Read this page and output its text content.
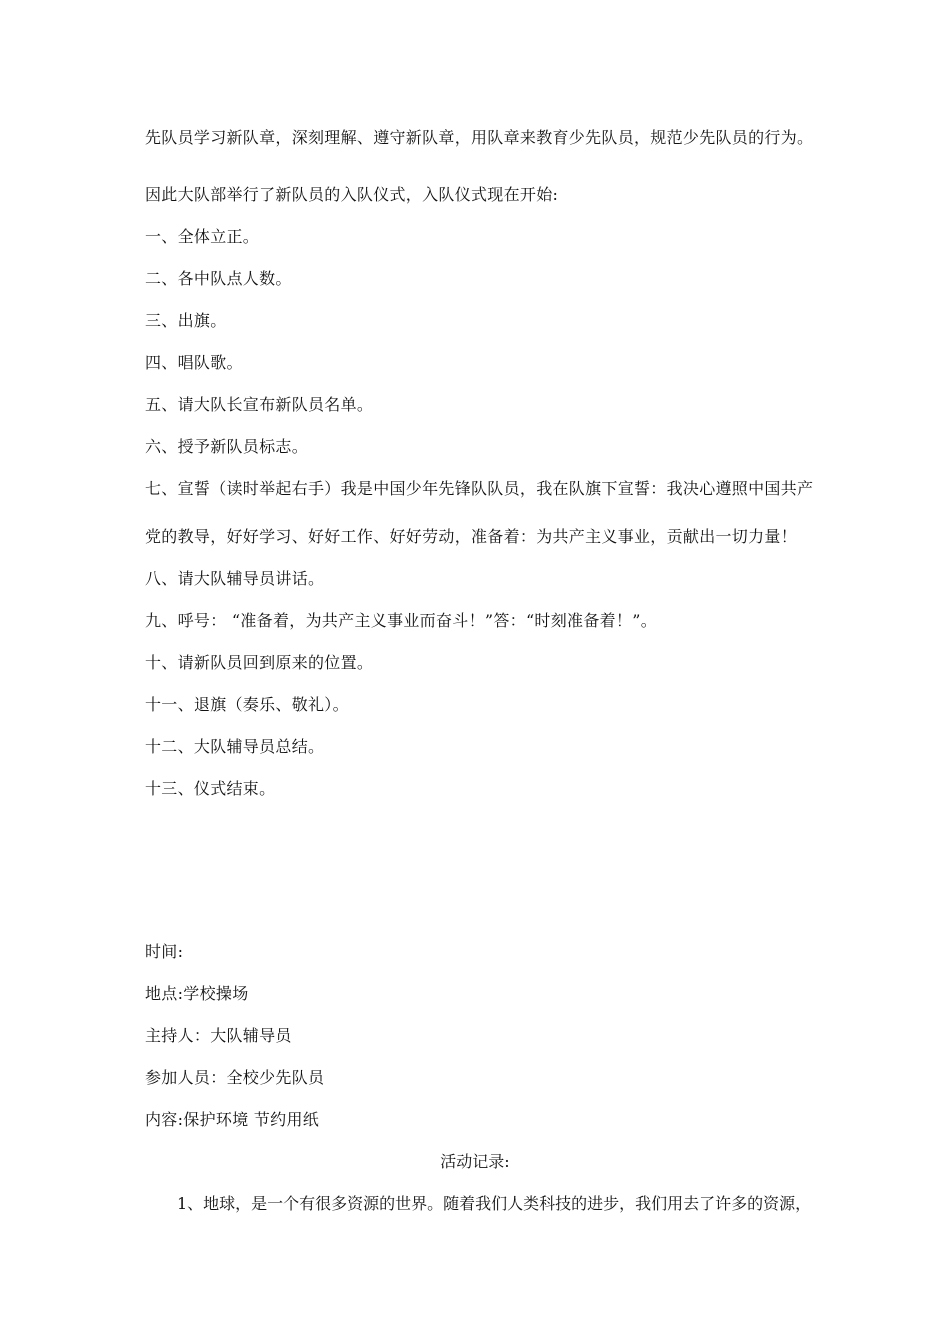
先队员学习新队章，深刻理解、遵守新队章，用队章来教育少先队员，规范少先队员的行为。
因此大队部举行了新队员的入队仪式，入队仪式现在开始:
一、全体立正。
二、各中队点人数。
三、出旗。
四、唱队歌。
五、请大队长宣布新队员名单。
六、授予新队员标志。
七、宣誓（读时举起右手）我是中国少年先锋队队员，我在队旗下宣誓：我决心遵照中国共产
党的教导，好好学习、好好工作、好好劳动，准备着：为共产主义事业，贡献出一切力量！
八、请大队辅导员讲话。
九、呼号： “准备着，为共产主义事业而奋斗！”答：“时刻准备着！”。
十、请新队员回到原来的位置。
十一、退旗（奏乐、敬礼）。
十二、大队辅导员总结。
十三、仪式结束。
时间:
地点:学校操场
主持人：大队辅导员
参加人员：全校少先队员
内容:保护环境 节约用纸
活动记录:
1、地球，是一个有很多资源的世界。随着我们人类科技的进步，我们用去了许多的资源，
